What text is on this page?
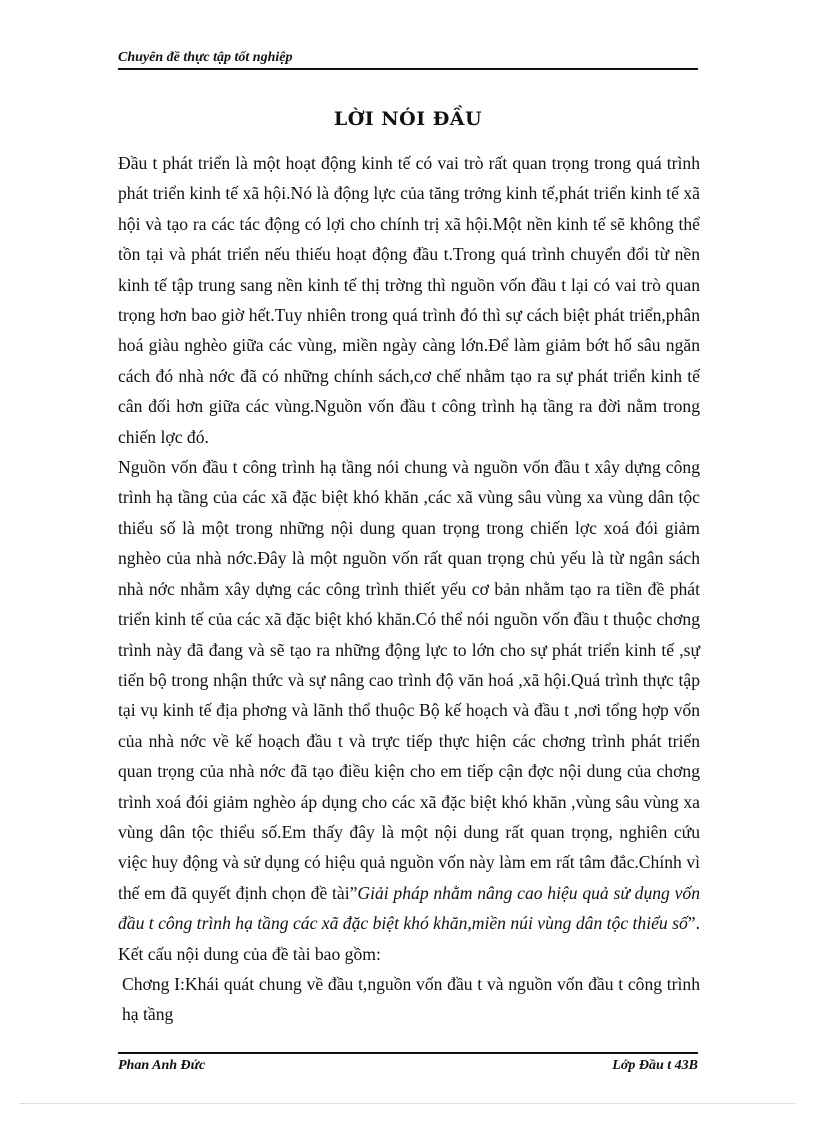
Chuyên đề thực tập tốt nghiệp
LỜI NÓI ĐẦU

Đầu t phát triển là một hoạt động kinh tế có vai trò rất quan trọng trong quá trình phát triển kinh tế xã hội.Nó là động lực của tăng trởng kinh tế,phát triển kinh tế xã hội và tạo ra các tác động có lợi cho chính trị xã hội.Một nền kinh tế sẽ không thể tồn tại và phát triển nếu thiếu hoạt động đầu t.Trong quá trình chuyển đổi từ nền kinh tế tập trung sang nền kinh tế thị trờng thì nguồn vốn đầu t lại có vai trò quan trọng hơn bao giờ hết.Tuy nhiên trong quá trình đó thì sự cách biệt phát triển,phân hoá giàu nghèo giữa các vùng, miền ngày càng lớn.Để làm giảm bớt hố sâu ngăn cách đó nhà nớc đã có những chính sách,cơ chế nhằm tạo ra sự phát triển kinh tế cân đối hơn giữa các vùng.Nguồn vốn đầu t công trình hạ tầng ra đời nằm trong chiến lợc đó.

Nguồn vốn đầu t công trình hạ tầng nói chung và nguồn vốn đầu t xây dựng công trình hạ tầng của các xã đặc biệt khó khăn ,các xã vùng sâu vùng xa vùng dân tộc thiểu số là một trong những nội dung quan trọng trong chiến lợc xoá đói giảm nghèo của nhà nớc.Đây là một nguồn vốn rất quan trọng chủ yếu là từ ngân sách nhà nớc nhằm xây dựng các công trình thiết yếu cơ bản nhằm tạo ra tiền đề phát triển kinh tế của các xã đặc biệt khó khăn.Có thể nói nguồn vốn đầu t thuộc chơng trình này đã đang và sẽ tạo ra những động lực to lớn cho sự phát triển kinh tế ,sự tiến bộ trong nhận thức và sự nâng cao trình độ văn hoá ,xã hội.Quá trình thực tập tại vụ kinh tế địa phơng và lãnh thổ thuộc Bộ kế hoạch và đầu t ,nơi tổng hợp vốn của nhà nớc về kế hoạch đầu t và trực tiếp thực hiện các chơng trình phát triển quan trọng của nhà nớc đã tạo điều kiện cho em tiếp cận đợc nội dung của chơng trình xoá đói giảm nghèo áp dụng cho các xã đặc biệt khó khăn ,vùng sâu vùng xa vùng dân tộc thiểu số.Em thấy đây là một nội dung rất quan trọng, nghiên cứu việc huy động và sử dụng có hiệu quả nguồn vốn này làm em rất tâm đắc.Chính vì thế em đã quyết định chọn đề tài”Giải pháp nhằm nâng cao hiệu quả sử dụng vốn đầu t công trình hạ tầng các xã đặc biệt khó khăn,miền núi vùng dân tộc thiểu số”. Kết cấu nội dung của đề tài bao gồm:

Chơng I:Khái quát chung về đầu t,nguồn vốn đầu t và nguồn vốn đầu t công trình hạ tầng

Phan Anh Đức	Lớp Đầu t 43B
